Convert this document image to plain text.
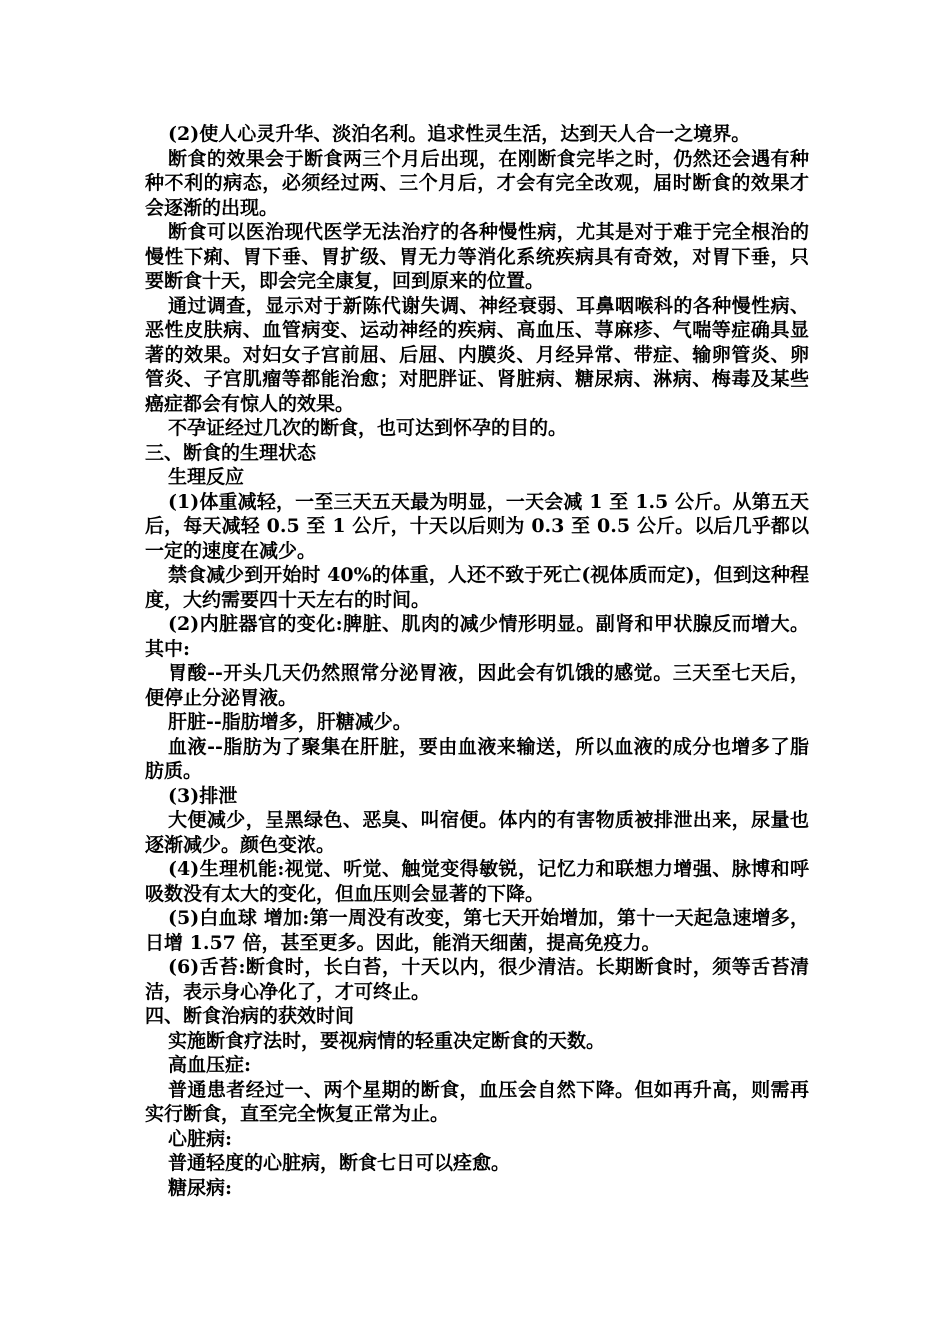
(2)使人心灵升华、淡泊名利。追求性灵生活，达到天人合一之境界。

断食的效果会于断食两三个月后出现，在刚断食完毕之时，仍然还会遇有种种不利的病态，必须经过两、三个月后，才会有完全改观，届时断食的效果才会逐渐的出现。

断食可以医治现代医学无法治疗的各种慢性病，尤其是对于难于完全根治的慢性下痢、胃下垂、胃扩级、胃无力等消化系统疾病具有奇效，对胃下垂，只要断食十天，即会完全康复，回到原来的位置。

通过调查，显示对于新陈代谢失调、神经衰弱、耳鼻咽喉科的各种慢性病、恶性皮肤病、血管病变、运动神经的疾病、高血压、荨麻疹、气喘等症确具显著的效果。对妇女子宫前屈、后屈、内膜炎、月经异常、带症、输卵管炎、卵管炎、子宫肌瘤等都能治愈；对肥胖证、肾脏病、糖尿病、淋病、梅毒及某些癌症都会有惊人的效果。

不孕证经过几次的断食，也可达到怀孕的目的。

三、断食的生理状态

生理反应

(1)体重减轻，一至三天五天最为明显，一天会减 1 至 1.5 公斤。从第五天后，每天减轻 0.5 至 1 公斤，十天以后则为 0.3 至 0.5 公斤。以后几乎都以一定的速度在减少。

禁食减少到开始时 40%的体重，人还不致于死亡(视体质而定)，但到这种程度，大约需要四十天左右的时间。

(2)内脏器官的变化:脾脏、肌肉的减少情形明显。副肾和甲状腺反而增大。其中:

胃酸--开头几天仍然照常分泌胃液，因此会有饥饿的感觉。三天至七天后，便停止分泌胃液。

肝脏--脂肪增多，肝糖减少。

血液--脂肪为了聚集在肝脏，要由血液来输送，所以血液的成分也增多了脂肪质。

(3)排泄

大便减少，呈黑绿色、恶臭、叫宿便。体内的有害物质被排泄出来，尿量也逐渐减少。颜色变浓。

(4)生理机能:视觉、听觉、触觉变得敏锐，记忆力和联想力增强、脉博和呼吸数没有太大的变化，但血压则会显著的下降。

(5)白血球 增加:第一周没有改变，第七天开始增加，第十一天起急速增多，日增 1.57 倍，甚至更多。因此，能消天细菌，提高免疫力。

(6)舌苔:断食时，长白苔，十天以内，很少清洁。长期断食时，须等舌苔清洁，表示身心净化了，才可终止。

四、断食治病的获效时间

实施断食疗法时，要视病情的轻重决定断食的天数。

高血压症:

普通患者经过一、两个星期的断食，血压会自然下降。但如再升高，则需再实行断食，直至完全恢复正常为止。

心脏病:

普通轻度的心脏病，断食七日可以痊愈。

糖尿病:
